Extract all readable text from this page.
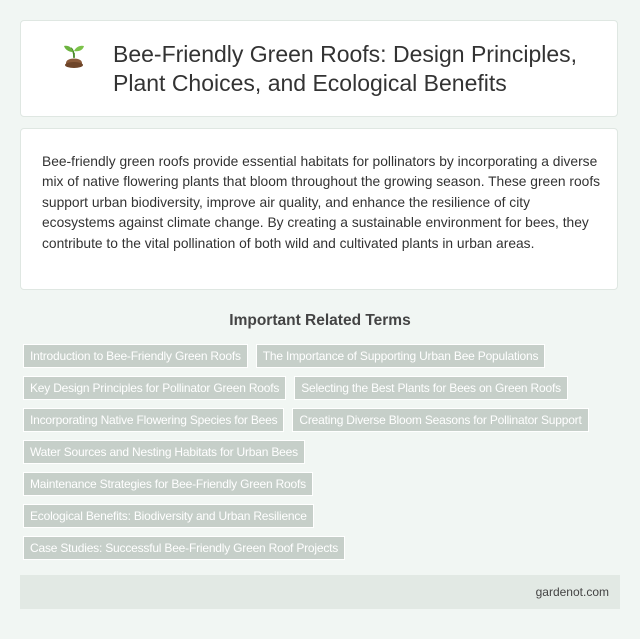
Bee-Friendly Green Roofs: Design Principles, Plant Choices, and Ecological Benefits

Bee-friendly green roofs provide essential habitats for pollinators by incorporating a diverse mix of native flowering plants that bloom throughout the growing season. These green roofs support urban biodiversity, improve air quality, and enhance the resilience of city ecosystems against climate change. By creating a sustainable environment for bees, they contribute to the vital pollination of both wild and cultivated plants in urban areas.

Important Related Terms
Introduction to Bee-Friendly Green Roofs	The Importance of Supporting Urban Bee Populations
Key Design Principles for Pollinator Green Roofs	Selecting the Best Plants for Bees on Green Roofs
Incorporating Native Flowering Species for Bees	Creating Diverse Bloom Seasons for Pollinator Support
Water Sources and Nesting Habitats for Urban Bees
Maintenance Strategies for Bee-Friendly Green Roofs
Ecological Benefits: Biodiversity and Urban Resilience
Case Studies: Successful Bee-Friendly Green Roof Projects
gardenot.com
